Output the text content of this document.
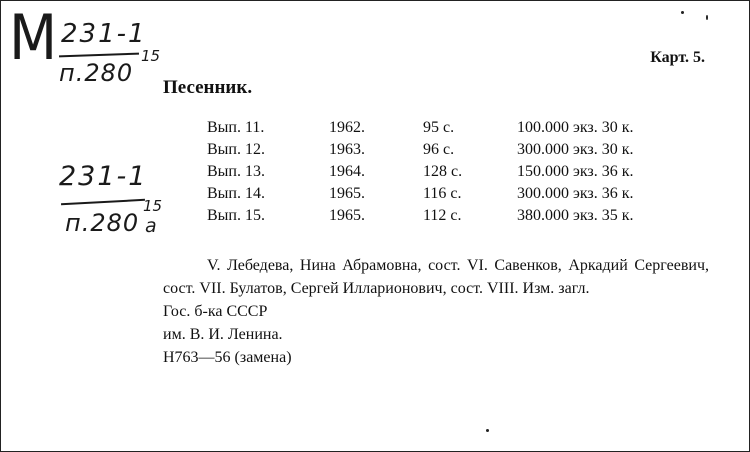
М 231-1
п.280
15
231-1
п.280
15
а
Карт. 5.
Песенник.
Вып. 11.	1962.	95 с.	100.000 экз. 30 к.
Вып. 12.	1963.	96 с.	300.000 экз. 30 к.
Вып. 13.	1964.	128 с.	150.000 экз. 36 к.
Вып. 14.	1965.	116 с.	300.000 экз. 36 к.
Вып. 15.	1965.	112 с.	380.000 экз. 35 к.
V. Лебедева, Нина Абрамовна, сост. VI. Савенков, Аркадий Сергеевич, сост. VII. Булатов, Сергей Илларионович, сост. VIII. Изм. загл.
Гос. б-ка СССР
им. В. И. Ленина.
Н763—56 (замена)
